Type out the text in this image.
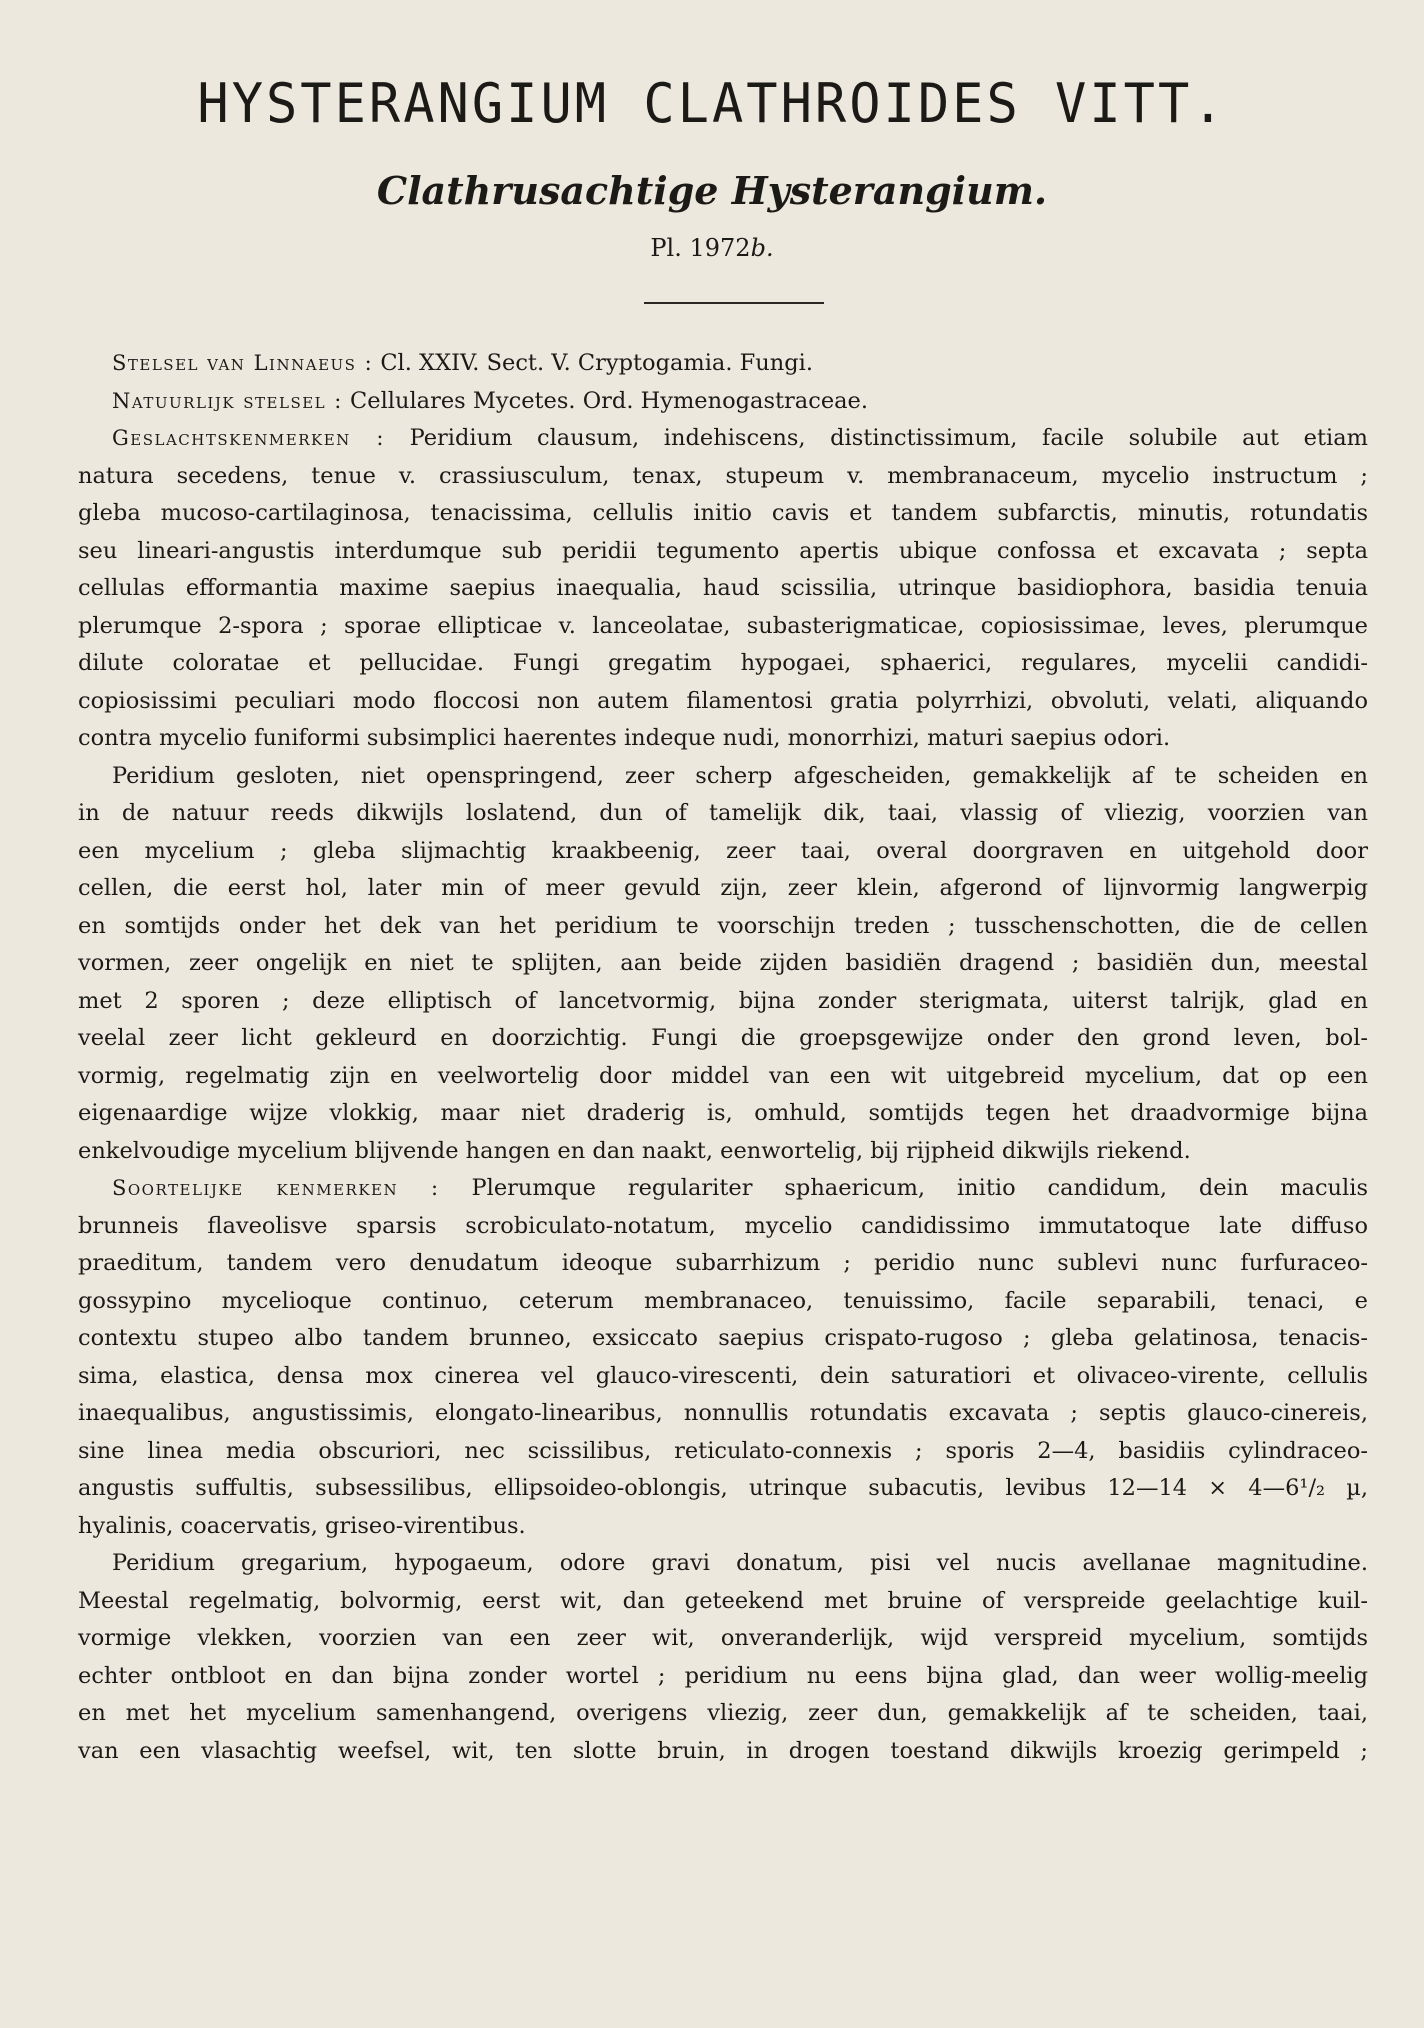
HYSTERANGIUM CLATHROIDES VITT.
Clathrusachtige Hysterangium.
Pl. 1972b.
Stelsel van Linnaeus : Cl. XXIV. Sect. V. Cryptogamia. Fungi.
Natuurlijk stelsel : Cellulares Mycetes. Ord. Hymenogastraceae.
Geslachtskenmerken : Peridium clausum, indehiscens, distinctissimum, facile solubile aut etiam
natura secedens, tenue v. crassiusculum, tenax, stupeum v. membranaceum, mycelio instructum ;
gleba mucoso-cartilaginosa, tenacissima, cellulis initio cavis et tandem subfarctis, minutis, rotundatis
seu lineari-angustis interdumque sub peridii tegumento apertis ubique confossa et excavata ; septa
cellulas efformantia maxime saepius inaequalia, haud scissilia, utrinque basidiophora, basidia tenuia
plerumque 2-spora ; sporae ellipticae v. lanceolatae, subasterigmaticae, copiosissimae, leves, plerumque
dilute coloratae et pellucidae. Fungi gregatim hypogaei, sphaerici, regulares, mycelii candidi-
copiosissimi peculiari modo floccosi non autem filamentosi gratia polyrrhizi, obvoluti, velati, aliquando
contra mycelio funiformi subsimplici haerentes indeque nudi, monorrhizi, maturi saepius odori.
Peridium gesloten, niet openspringend, zeer scherp afgescheiden, gemakkelijk af te scheiden en
in de natuur reeds dikwijls loslatend, dun of tamelijk dik, taai, vlassig of vliezig, voorzien van
een mycelium ; gleba slijmachtig kraakbeenig, zeer taai, overal doorgraven en uitgehold door
cellen, die eerst hol, later min of meer gevuld zijn, zeer klein, afgerond of lijnvormig langwerpig
en somtijds onder het dek van het peridium te voorschijn treden ; tusschenschotten, die de cellen
vormen, zeer ongelijk en niet te splijten, aan beide zijden basidiën dragend ; basidiën dun, meestal
met 2 sporen ; deze elliptisch of lancetvormig, bijna zonder sterigmata, uiterst talrijk, glad en
veelal zeer licht gekleurd en doorzichtig. Fungi die groepsgewijze onder den grond leven, bol-
vormig, regelmatig zijn en veelwortelig door middel van een wit uitgebreid mycelium, dat op een
eigenaardige wijze vlokkig, maar niet draderig is, omhuld, somtijds tegen het draadvormige bijna
enkelvoudige mycelium blijvende hangen en dan naakt, eenwortelig, bij rijpheid dikwijls riekend.
Soortelijke kenmerken : Plerumque regulariter sphaericum, initio candidum, dein maculis
brunneis flaveolisve sparsis scrobiculato-notatum, mycelio candidissimo immutatoque late diffuso
praeditum, tandem vero denudatum ideoque subarrhizum ; peridio nunc sublevi nunc furfuraceo-
gossypino mycelioque continuo, ceterum membranaceo, tenuissimo, facile separabili, tenaci, e
contextu stupeo albo tandem brunneo, exsiccato saepius crispato-rugoso ; gleba gelatinosa, tenacis-
sima, elastica, densa mox cinerea vel glauco-virescenti, dein saturatiori et olivaceo-virente, cellulis
inaequalibus, angustissimis, elongato-linearibus, nonnullis rotundatis excavata ; septis glauco-cinereis,
sine linea media obscuriori, nec scissilibus, reticulato-connexis ; sporis 2—4, basidiis cylindraceo-
angustis suffultis, subsessilibus, ellipsoideo-oblongis, utrinque subacutis, levibus 12—14 × 4—6¹/₂ µ,
hyalinis, coacervatis, griseo-virentibus.
Peridium gregarium, hypogaeum, odore gravi donatum, pisi vel nucis avellanae magnitudine.
Meestal regelmatig, bolvormig, eerst wit, dan geteekend met bruine of verspreide geelachtige kuil-
vormige vlekken, voorzien van een zeer wit, onveranderlijk, wijd verspreid mycelium, somtijds
echter ontbloot en dan bijna zonder wortel ; peridium nu eens bijna glad, dan weer wollig-meelig
en met het mycelium samenhangend, overigens vliezig, zeer dun, gemakkelijk af te scheiden, taai,
van een vlasachtig weefsel, wit, ten slotte bruin, in drogen toestand dikwijls kroezig gerimpeld ;
